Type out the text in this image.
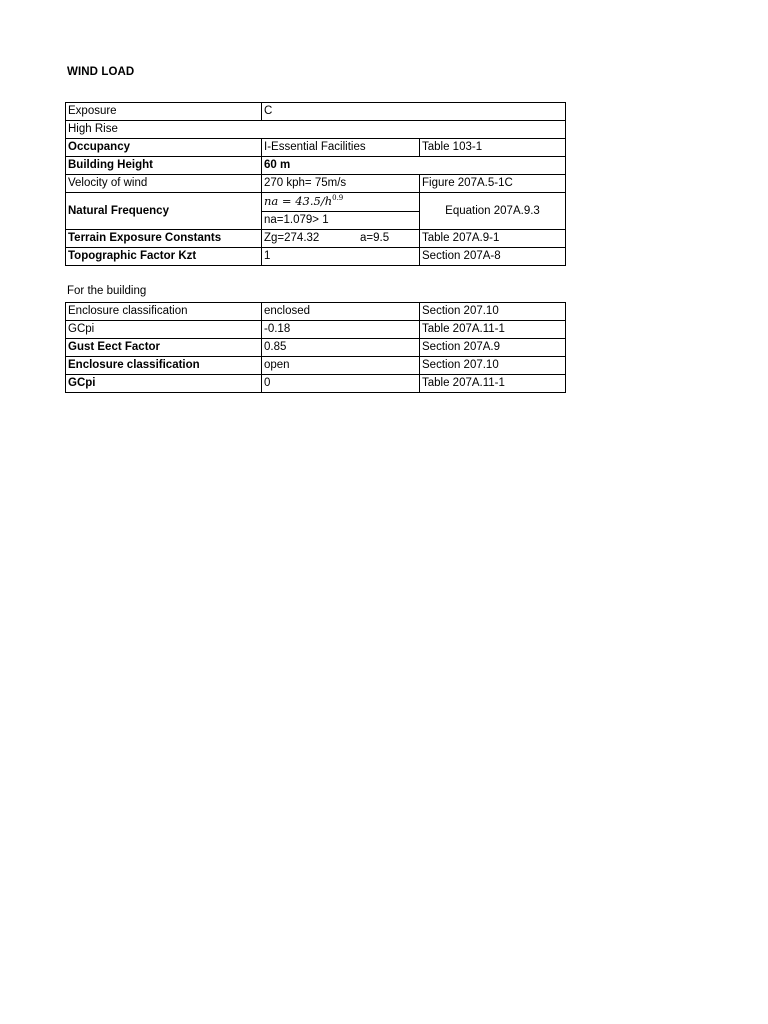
WIND LOAD
Exposure	C	
High Rise		
Occupancy	I-Essential Facilities	Table 103-1
Building Height	60 m	
Velocity of wind	270 kph= 75m/s	Figure 207A.5-1C
Natural Frequency	na = $43.5/h^{0.9}$	Equation 207A.9.3
	na=1.079> 1	
Terrain Exposure Constants	Zg=274.32 a=9.5	Table 207A.9-1
Topographic Factor Kzt	1	Section 207A-8
For the building
Enclosure classification	enclosed	Section 207.10
GCpi	-0.18	Table 207A.11-1
Gust Eect Factor	0.85	Section 207A.9
Enclosure classification	open	Section 207.10
GCpi	0	Table 207A.11-1
